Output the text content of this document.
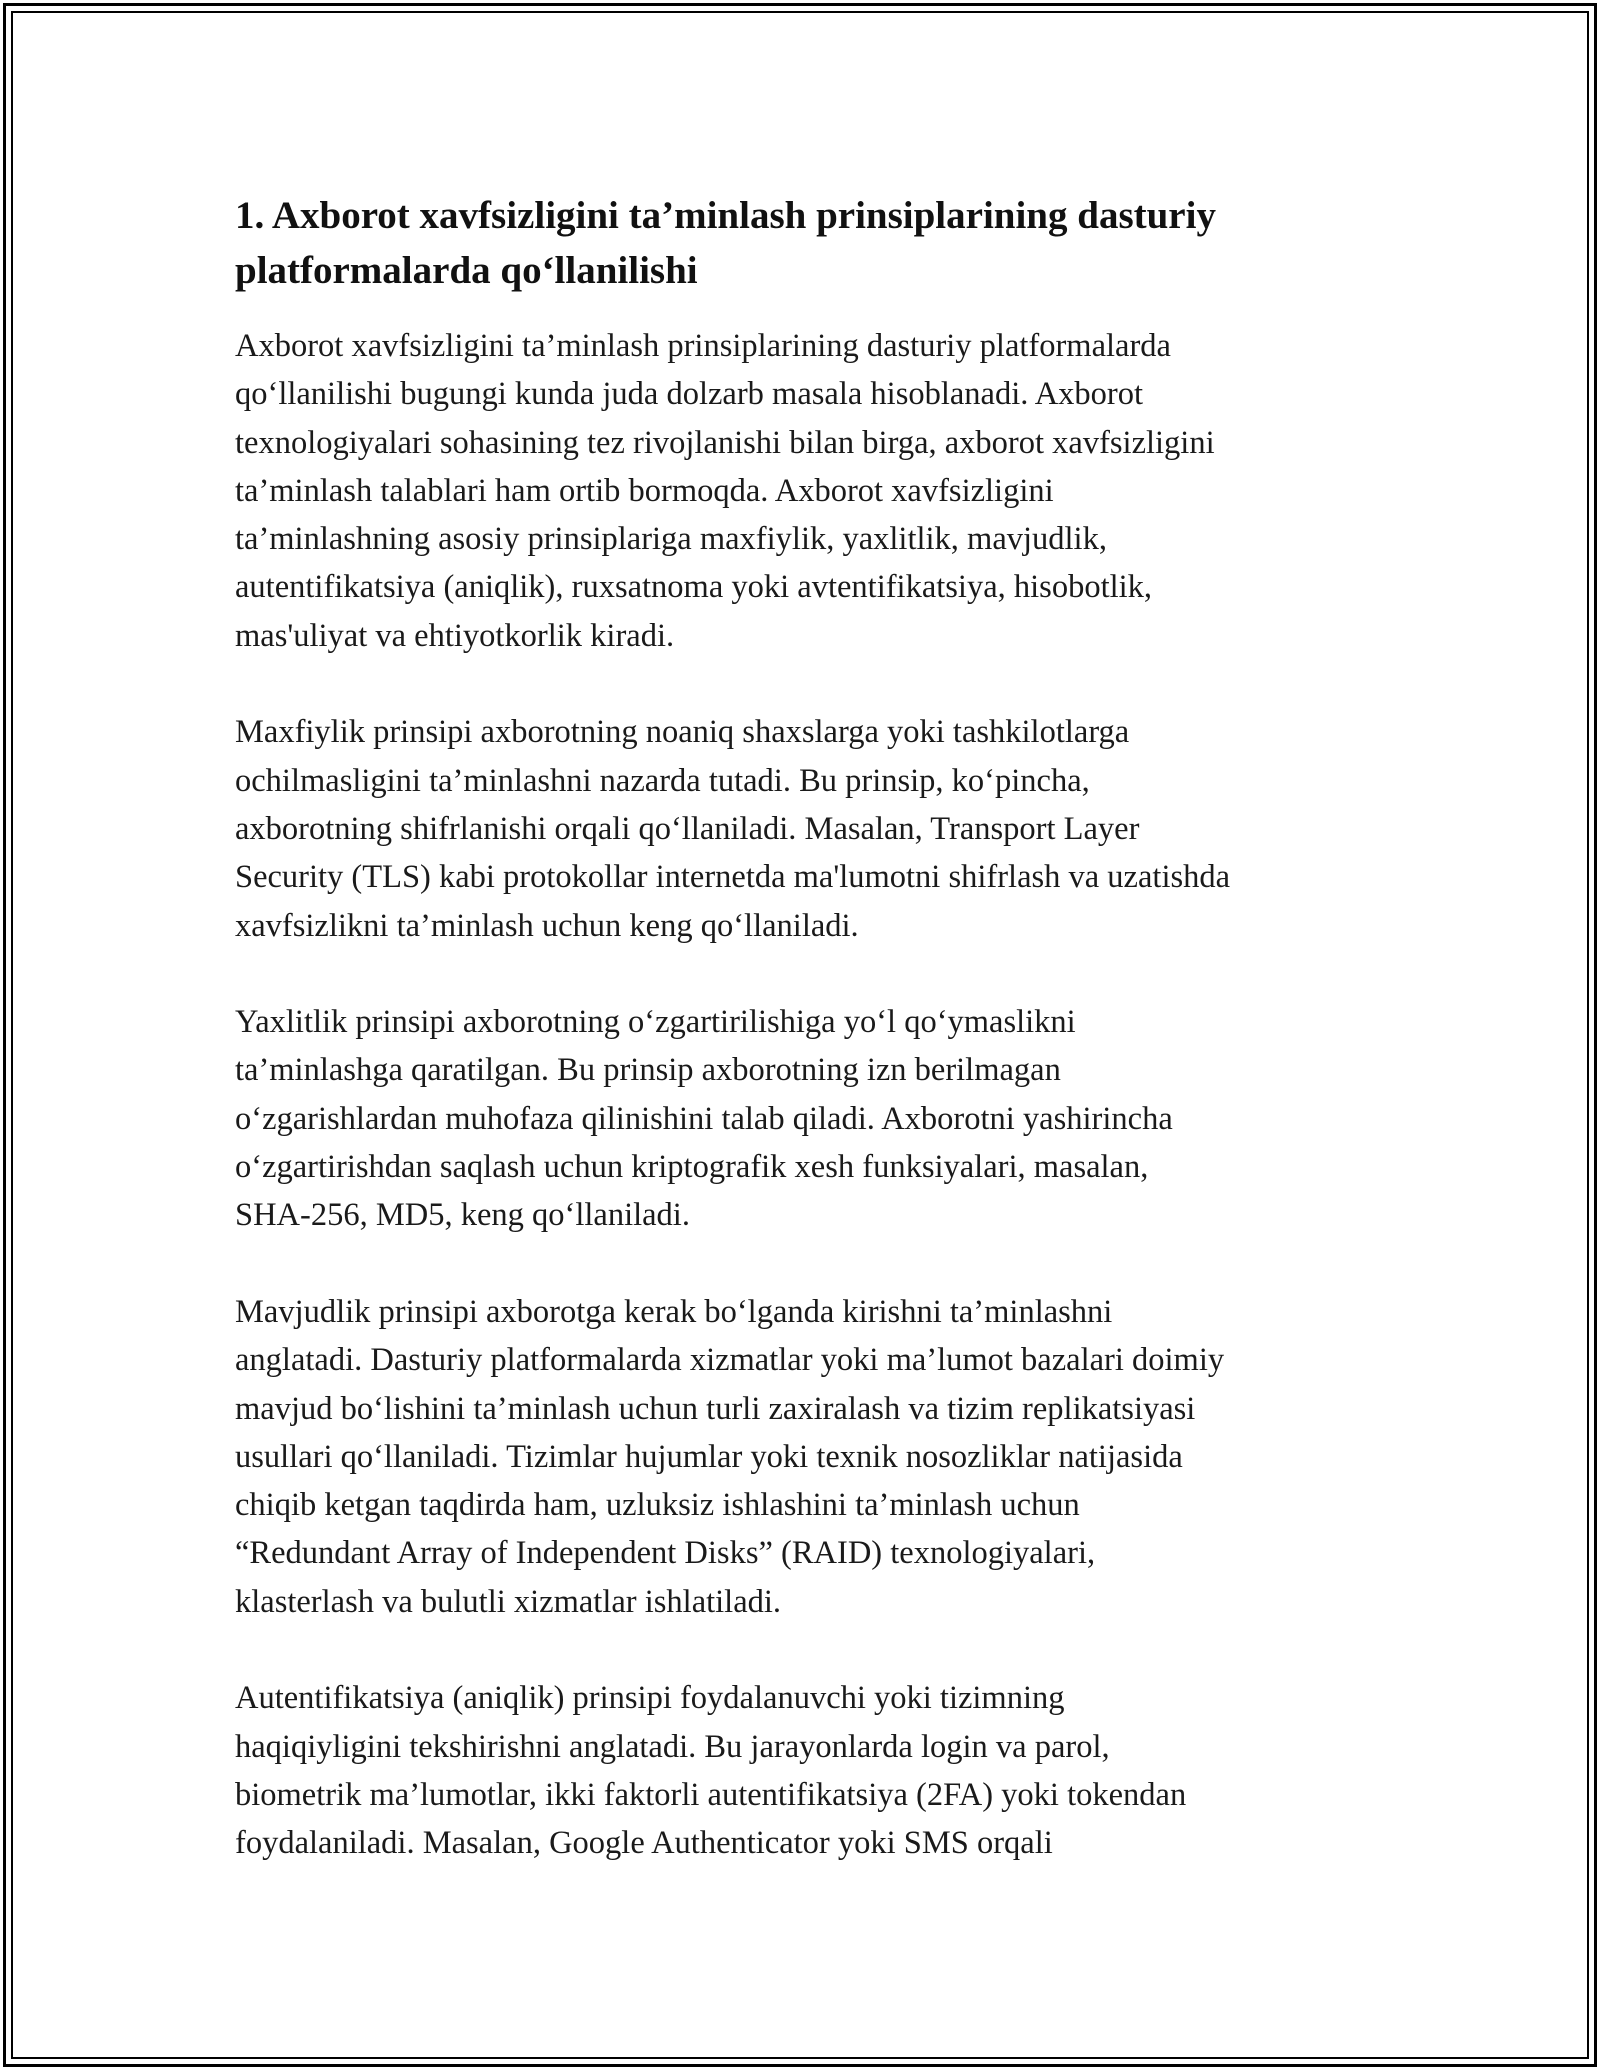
1. Axborot xavfsizligini ta’minlash prinsiplarining dasturiy platformalarda qo‘llanilishi

Axborot xavfsizligini ta’minlash prinsiplarining dasturiy platformalarda
qo‘llanilishi bugungi kunda juda dolzarb masala hisoblanadi. Axborot
texnologiyalari sohasining tez rivojlanishi bilan birga, axborot xavfsizligini
ta’minlash talablari ham ortib bormoqda. Axborot xavfsizligini
ta’minlashning asosiy prinsiplariga maxfiylik, yaxlitlik, mavjudlik,
autentifikatsiya (aniqlik), ruxsatnoma yoki avtentifikatsiya, hisobotlik,
mas'uliyat va ehtiyotkorlik kiradi.

Maxfiylik prinsipi axborotning noaniq shaxslarga yoki tashkilotlarga
ochilmasligini ta’minlashni nazarda tutadi. Bu prinsip, ko‘pincha,
axborotning shifrlanishi orqali qo‘llaniladi. Masalan, Transport Layer
Security (TLS) kabi protokollar internetda ma'lumotni shifrlash va uzatishda
xavfsizlikni ta’minlash uchun keng qo‘llaniladi.

Yaxlitlik prinsipi axborotning o‘zgartirilishiga yo‘l qo‘ymaslikni
ta’minlashga qaratilgan. Bu prinsip axborotning izn berilmagan
o‘zgarishlardan muhofaza qilinishini talab qiladi. Axborotni yashirincha
o‘zgartirishdan saqlash uchun kriptografik xesh funksiyalari, masalan,
SHA-256, MD5, keng qo‘llaniladi.

Mavjudlik prinsipi axborotga kerak bo‘lganda kirishni ta’minlashni
anglatadi. Dasturiy platformalarda xizmatlar yoki ma’lumot bazalari doimiy
mavjud bo‘lishini ta’minlash uchun turli zaxiralash va tizim replikatsiyasi
usullari qo‘llaniladi. Tizimlar hujumlar yoki texnik nosozliklar natijasida
chiqib ketgan taqdirda ham, uzluksiz ishlashini ta’minlash uchun
“Redundant Array of Independent Disks” (RAID) texnologiyalari,
klasterlash va bulutli xizmatlar ishlatiladi.

Autentifikatsiya (aniqlik) prinsipi foydalanuvchi yoki tizimning
haqiqiyligini tekshirishni anglatadi. Bu jarayonlarda login va parol,
biometrik ma’lumotlar, ikki faktorli autentifikatsiya (2FA) yoki tokendan
foydalaniladi. Masalan, Google Authenticator yoki SMS orqali
